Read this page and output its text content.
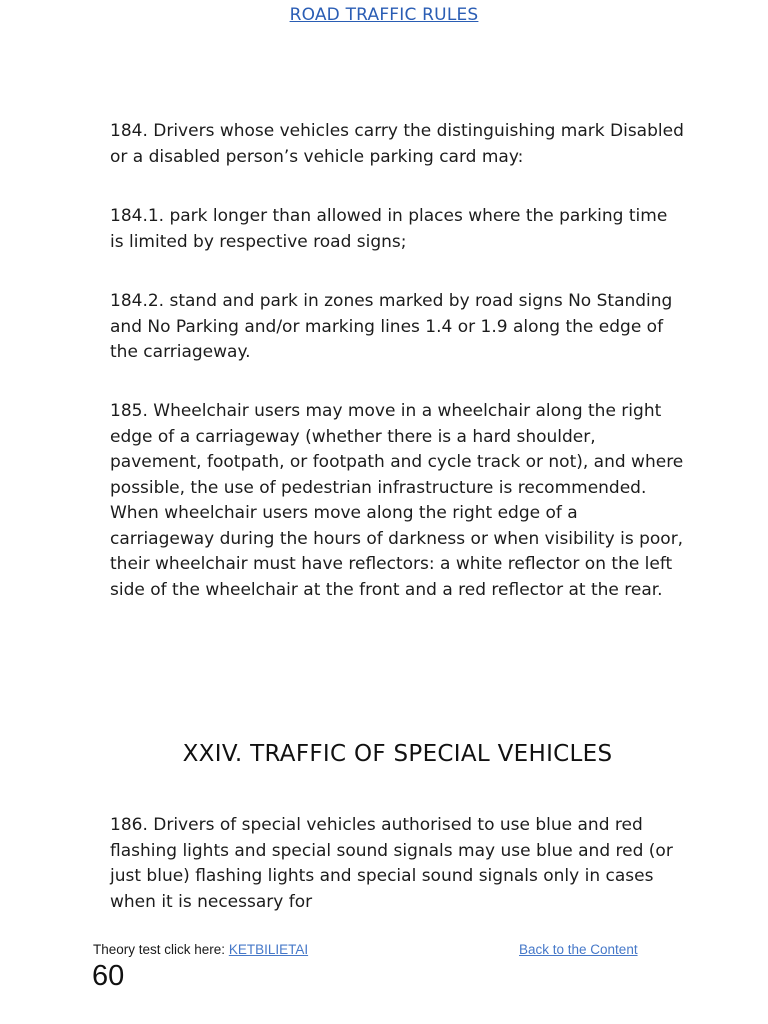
ROAD TRAFFIC RULES

184. Drivers whose vehicles carry the distinguishing mark Disabled or a disabled person’s vehicle parking card may:

184.1. park longer than allowed in places where the parking time is limited by respective road signs;

184.2. stand and park in zones marked by road signs No Standing and No Parking and/or marking lines 1.4 or 1.9 along the edge of the carriageway.

185. Wheelchair users may move in a wheelchair along the right edge of a carriageway (whether there is a hard shoulder, pavement, footpath, or footpath and cycle track or not), and where possible, the use of pedestrian infrastructure is recommended. When wheelchair users move along the right edge of a carriageway during the hours of darkness or when visibility is poor, their wheelchair must have reflectors: a white reflector on the left side of the wheelchair at the front and a red reflector at the rear.

XXIV. TRAFFIC OF SPECIAL VEHICLES

186. Drivers of special vehicles authorised to use blue and red flashing lights and special sound signals may use blue and red (or just blue) flashing lights and special sound signals only in cases when it is necessary for

Theory test click here: KETBILIETAI	Back to the Content
60
